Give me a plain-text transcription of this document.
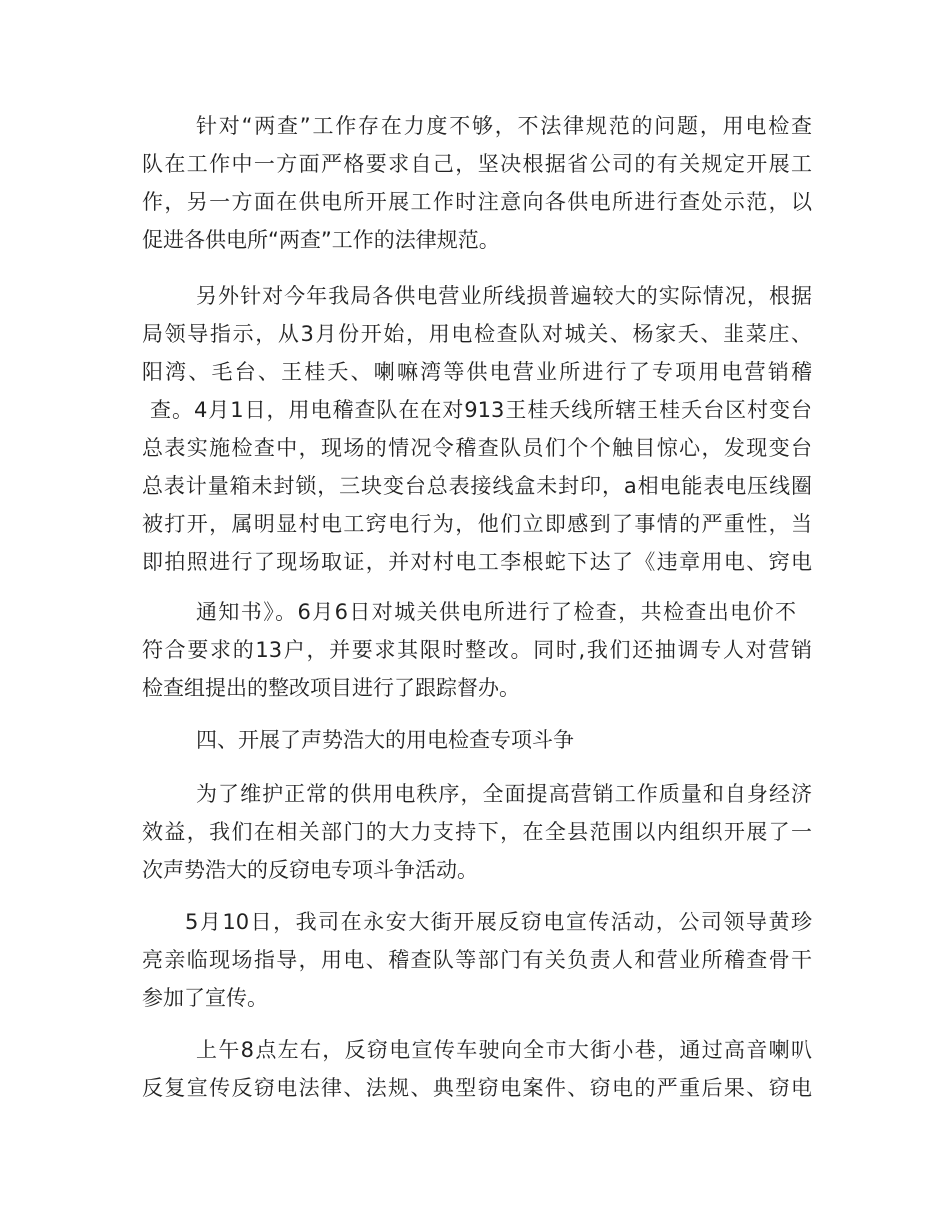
针对“两查”工作存在力度不够，不法律规范的问题，用电检查
队在工作中一方面严格要求自己，坚决根据省公司的有关规定开展工
作，另一方面在供电所开展工作时注意向各供电所进行查处示范，以
促进各供电所“两查”工作的法律规范。
另外针对今年我局各供电营业所线损普遍较大的实际情况，根据
局领导指示，从3月份开始，用电检查队对城关、杨家夭、韭菜庄、
阳湾、毛台、王桂夭、喇嘛湾等供电营业所进行了专项用电营销稽
查。4月1日，用电稽查队在在对913王桂夭线所辖王桂夭台区村变台
总表实施检查中，现场的情况令稽查队员们个个触目惊心，发现变台
总表计量箱未封锁，三块变台总表接线盒未封印，a相电能表电压线圈
被打开，属明显村电工窍电行为，他们立即感到了事情的严重性，当
即拍照进行了现场取证，并对村电工李根蛇下达了《违章用电、窍电
通知书》。6月6日对城关供电所进行了检查，共检查出电价不
符合要求的13户，并要求其限时整改。同时,我们还抽调专人对营销
检查组提出的整改项目进行了跟踪督办。
四、开展了声势浩大的用电检查专项斗争
为了维护正常的供用电秩序，全面提高营销工作质量和自身经济
效益，我们在相关部门的大力支持下，在全县范围以内组织开展了一
次声势浩大的反窃电专项斗争活动。
5月10日，我司在永安大街开展反窃电宣传活动，公司领导黄珍
亮亲临现场指导，用电、稽查队等部门有关负责人和营业所稽查骨干
参加了宣传。
上午8点左右，反窃电宣传车驶向全市大街小巷，通过高音喇叭
反复宣传反窃电法律、法规、典型窃电案件、窃电的严重后果、窃电
